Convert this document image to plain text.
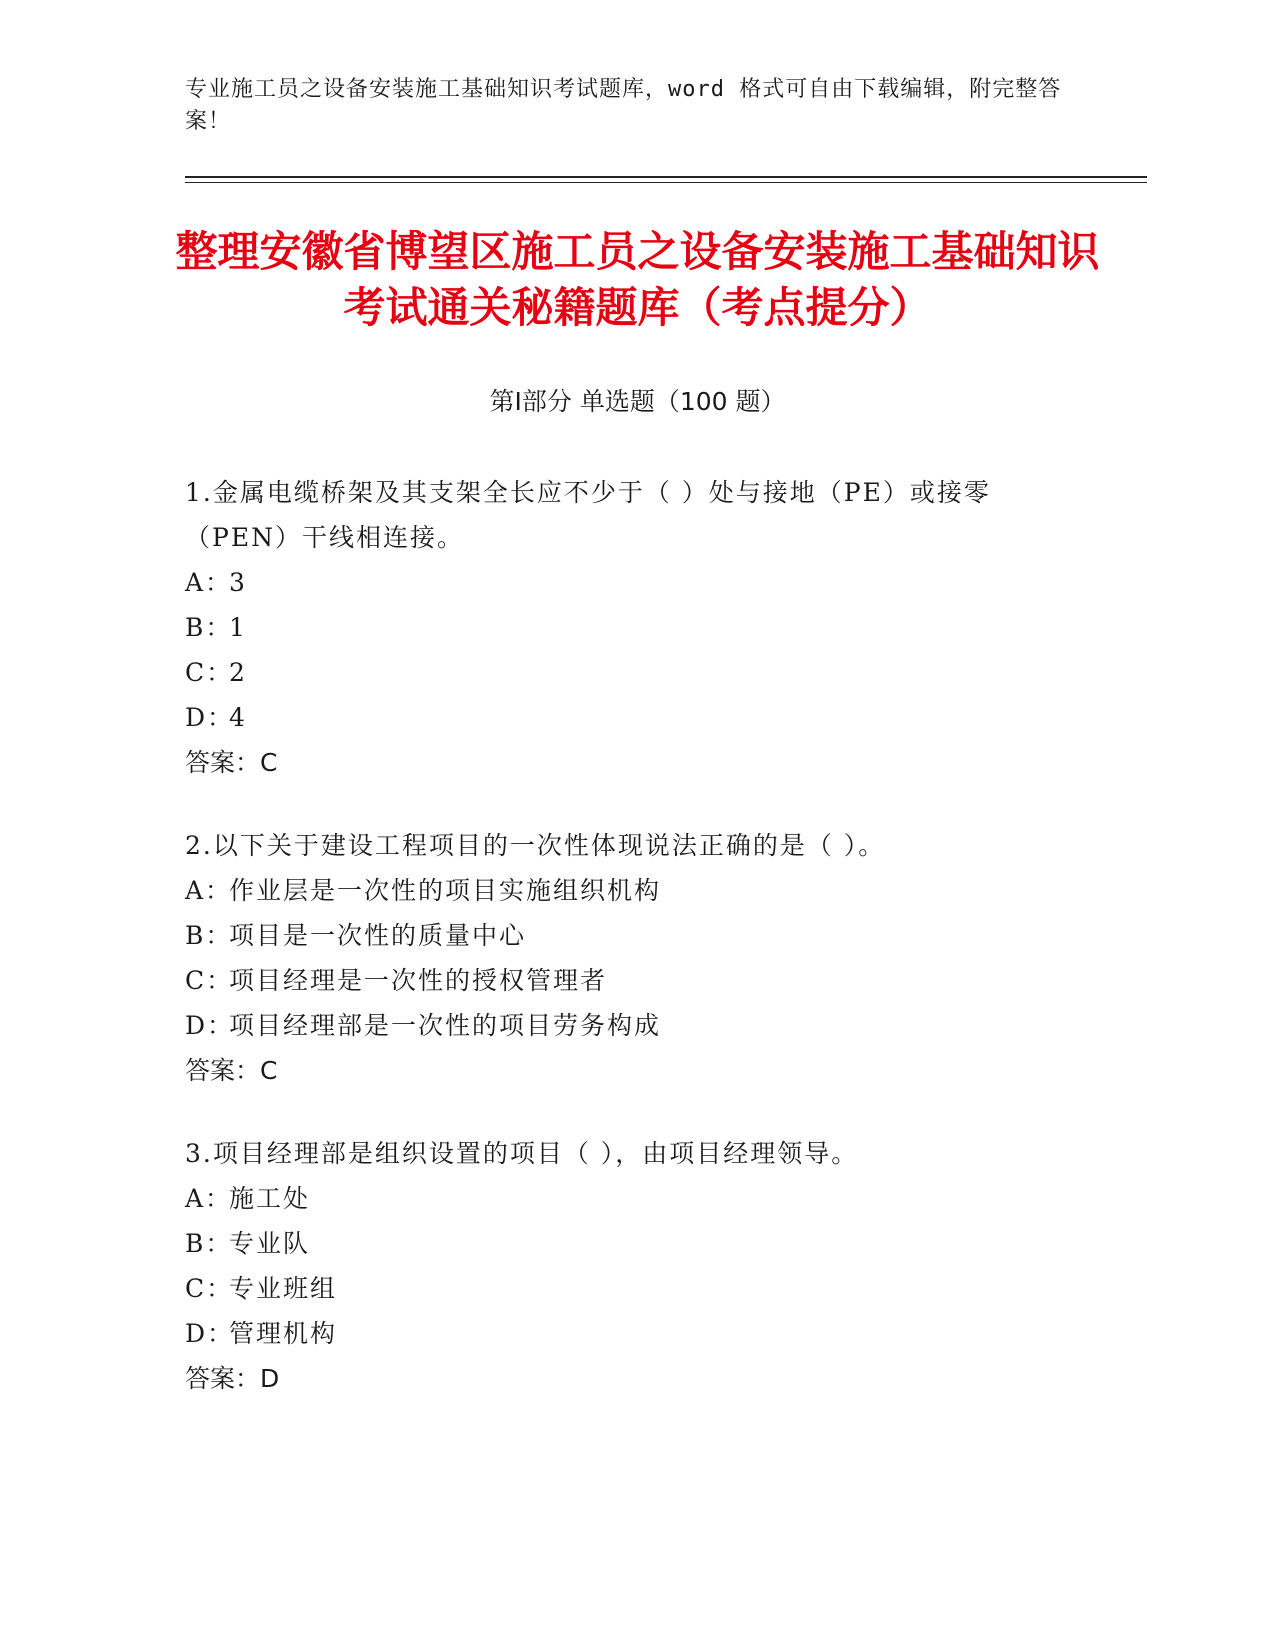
专业施工员之设备安装施工基础知识考试题库，word 格式可自由下载编辑，附完整答案！
整理安徽省博望区施工员之设备安装施工基础知识考试通关秘籍题库（考点提分）
第Ⅰ部分 单选题（100 题）
1.金属电缆桥架及其支架全长应不少于（ ）处与接地（PE）或接零（PEN）干线相连接。
A：3
B：1
C：2
D：4
答案：C
2.以下关于建设工程项目的一次性体现说法正确的是（ ）。
A：作业层是一次性的项目实施组织机构
B：项目是一次性的质量中心
C：项目经理是一次性的授权管理者
D：项目经理部是一次性的项目劳务构成
答案：C
3.项目经理部是组织设置的项目（ ），由项目经理领导。
A：施工处
B：专业队
C：专业班组
D：管理机构
答案：D
